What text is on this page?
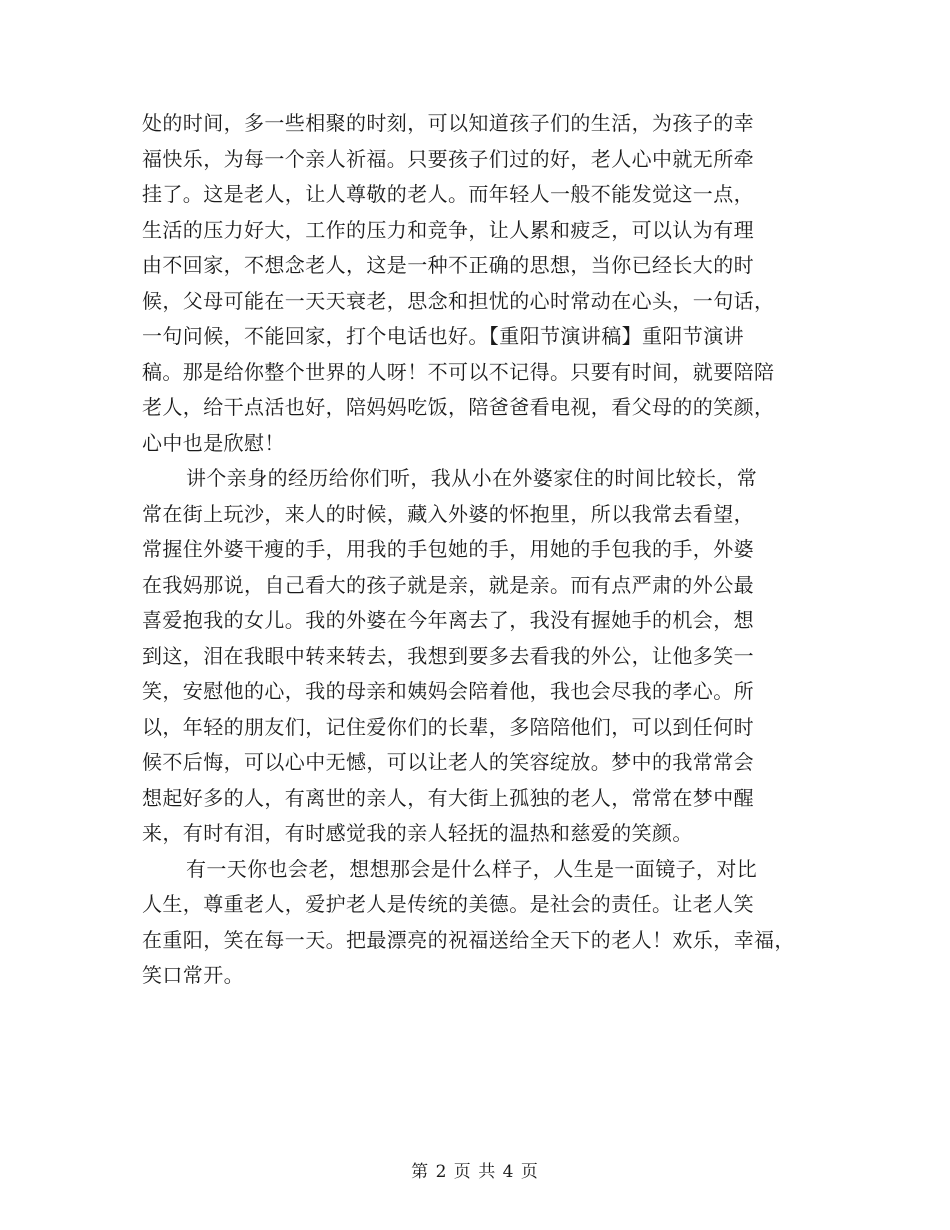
处的时间，多一些相聚的时刻，可以知道孩子们的生活，为孩子的幸
福快乐，为每一个亲人祈福。只要孩子们过的好，老人心中就无所牵
挂了。这是老人，让人尊敬的老人。而年轻人一般不能发觉这一点，
生活的压力好大，工作的压力和竞争，让人累和疲乏，可以认为有理
由不回家，不想念老人，这是一种不正确的思想，当你已经长大的时
候，父母可能在一天天衰老，思念和担忧的心时常动在心头，一句话，
一句问候，不能回家，打个电话也好。【重阳节演讲稿】重阳节演讲
稿。那是给你整个世界的人呀！不可以不记得。只要有时间，就要陪陪
老人，给干点活也好，陪妈妈吃饭，陪爸爸看电视，看父母的的笑颜，
心中也是欣慰！
讲个亲身的经历给你们听，我从小在外婆家住的时间比较长，常
常在街上玩沙，来人的时候，藏入外婆的怀抱里，所以我常去看望，
常握住外婆干瘦的手，用我的手包她的手，用她的手包我的手，外婆
在我妈那说，自己看大的孩子就是亲，就是亲。而有点严肃的外公最
喜爱抱我的女儿。我的外婆在今年离去了，我没有握她手的机会，想
到这，泪在我眼中转来转去，我想到要多去看我的外公，让他多笑一
笑，安慰他的心，我的母亲和姨妈会陪着他，我也会尽我的孝心。所
以，年轻的朋友们，记住爱你们的长辈，多陪陪他们，可以到任何时
候不后悔，可以心中无憾，可以让老人的笑容绽放。梦中的我常常会
想起好多的人，有离世的亲人，有大街上孤独的老人，常常在梦中醒
来，有时有泪，有时感觉我的亲人轻抚的温热和慈爱的笑颜。
有一天你也会老，想想那会是什么样子，人生是一面镜子，对比
人生，尊重老人，爱护老人是传统的美德。是社会的责任。让老人笑
在重阳，笑在每一天。把最漂亮的祝福送给全天下的老人！欢乐，幸福，
笑口常开。
第 2 页 共 4 页
